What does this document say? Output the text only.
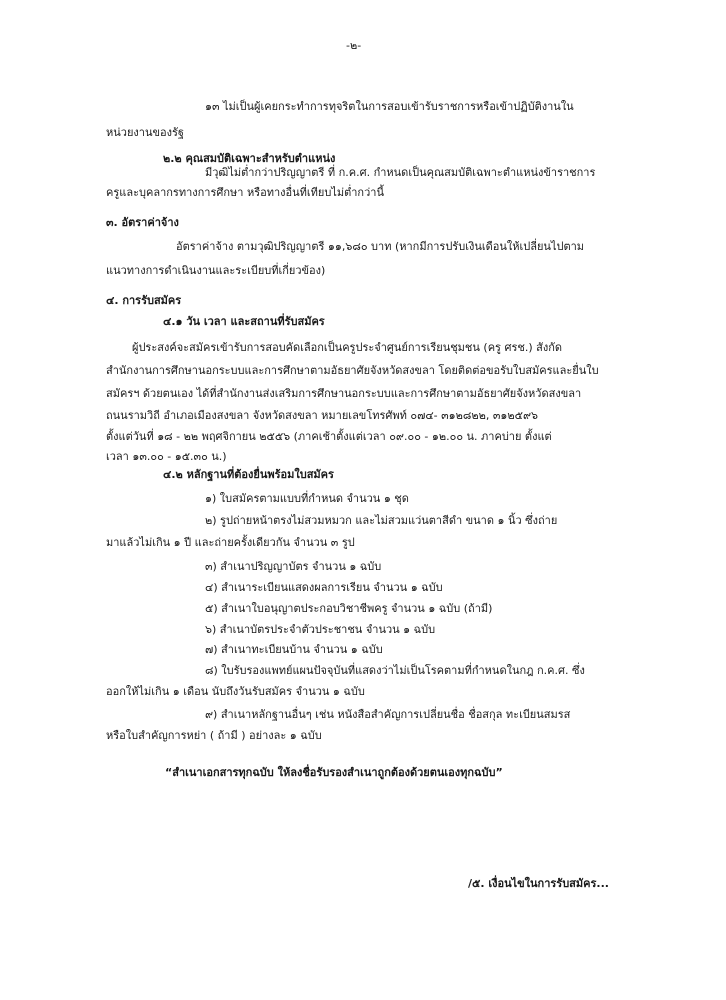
-๒-
๑๓ ไม่เป็นผู้เคยกระทำการทุจริตในการสอบเข้ารับราชการหรือเข้าปฏิบัติงานใน
หน่วยงานของรัฐ
๒.๒ คุณสมบัติเฉพาะสำหรับตำแหน่ง
มีวุฒิไม่ต่ำกว่าปริญญาตรี ที่ ก.ค.ศ. กำหนดเป็นคุณสมบัติเฉพาะตำแหน่งข้าราชการ
ครูและบุคลากรทางการศึกษา หรือทางอื่นที่เทียบไม่ต่ำกว่านี้
๓. อัตราค่าจ้าง
อัตราค่าจ้าง ตามวุฒิปริญญาตรี ๑๑,๖๘๐ บาท (หากมีการปรับเงินเดือนให้เปลี่ยนไปตาม
แนวทางการดำเนินงานและระเบียบที่เกี่ยวข้อง)
๔. การรับสมัคร
๔.๑ วัน เวลา และสถานที่รับสมัคร
ผู้ประสงค์จะสมัครเข้ารับการสอบคัดเลือกเป็นครูประจำศูนย์การเรียนชุมชน (ครู ศรช.) สังกัด
สำนักงานการศึกษานอกระบบและการศึกษาตามอัธยาศัยจังหวัดสงขลา โดยติดต่อขอรับใบสมัครและยื่นใบ
สมัครฯ ด้วยตนเอง ได้ที่สำนักงานส่งเสริมการศึกษานอกระบบและการศึกษาตามอัธยาศัยจังหวัดสงขลา
ถนนรามวิถี อำเภอเมืองสงขลา จังหวัดสงขลา หมายเลขโทรศัพท์ ๐๗๔- ๓๑๒๘๒๒, ๓๑๒๕๙๖
ตั้งแต่วันที่ ๑๘ - ๒๒ พฤศจิกายน ๒๕๕๖ (ภาคเช้าตั้งแต่เวลา ๐๙.๐๐ - ๑๒.๐๐ น. ภาคบ่าย ตั้งแต่
เวลา ๑๓.๐๐ - ๑๕.๓๐ น.)
๔.๒ หลักฐานที่ต้องยื่นพร้อมใบสมัคร
๑) ใบสมัครตามแบบที่กำหนด จำนวน ๑ ชุด
๒) รูปถ่ายหน้าตรงไม่สวมหมวก และไม่สวมแว่นตาสีดำ ขนาด ๑ นิ้ว ซึ่งถ่าย
มาแล้วไม่เกิน ๑ ปี และถ่ายครั้งเดียวกัน จำนวน ๓ รูป
๓) สำเนาปริญญาบัตร จำนวน ๑ ฉบับ
๔) สำเนาระเบียนแสดงผลการเรียน จำนวน ๑ ฉบับ
๕) สำเนาใบอนุญาตประกอบวิชาชีพครู จำนวน ๑ ฉบับ (ถ้ามี)
๖) สำเนาบัตรประจำตัวประชาชน จำนวน ๑ ฉบับ
๗) สำเนาทะเบียนบ้าน จำนวน ๑ ฉบับ
๘) ใบรับรองแพทย์แผนปัจจุบันที่แสดงว่าไม่เป็นโรคตามที่กำหนดในกฎ ก.ค.ศ. ซึ่ง
ออกให้ไม่เกิน ๑ เดือน นับถึงวันรับสมัคร จำนวน ๑ ฉบับ
๙) สำเนาหลักฐานอื่นๆ เช่น หนังสือสำคัญการเปลี่ยนชื่อ ชื่อสกุล ทะเบียนสมรส
หรือใบสำคัญการหย่า ( ถ้ามี ) อย่างละ ๑ ฉบับ
“สำเนาเอกสารทุกฉบับ ให้ลงชื่อรับรองสำเนาถูกต้องด้วยตนเองทุกฉบับ”
/๕. เงื่อนไขในการรับสมัคร...
